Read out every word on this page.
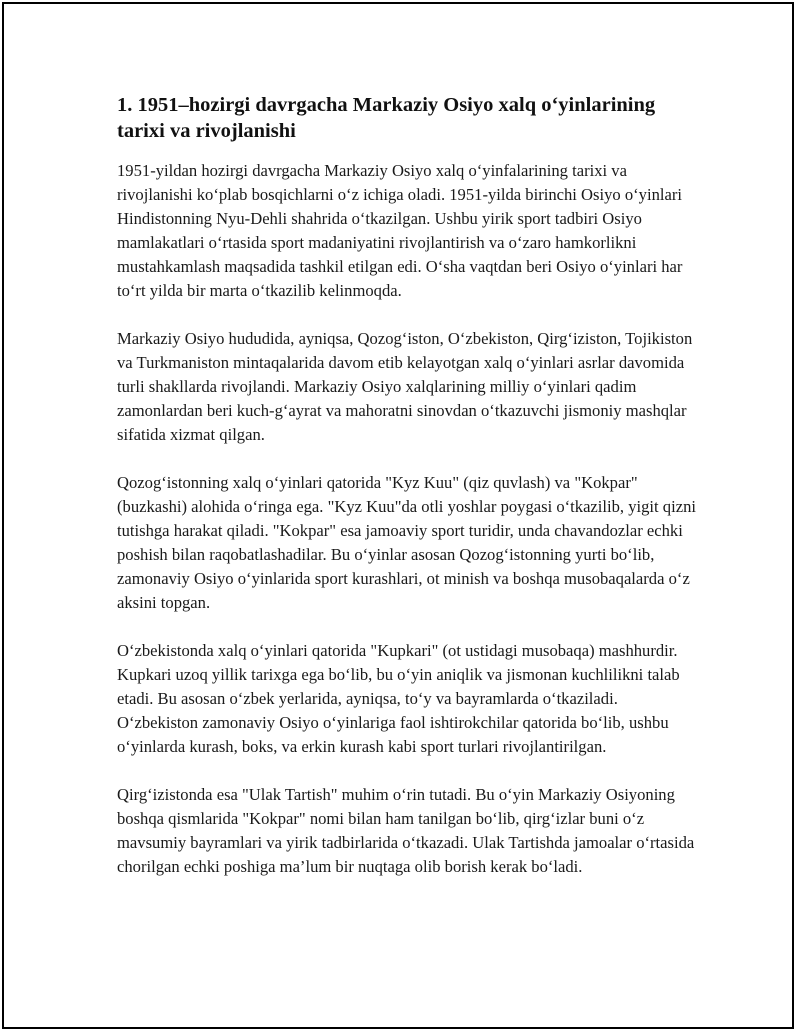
1. 1951–hozirgi davrgacha Markaziy Osiyo xalq o‘yinlarining tarixi va rivojlanishi

1951-yildan hozirgi davrgacha Markaziy Osiyo xalq o‘yinfalarining tarixi va rivojlanishi ko‘plab bosqichlarni o‘z ichiga oladi. 1951-yilda birinchi Osiyo o‘yinlari Hindistonning Nyu-Dehli shahrida o‘tkazilgan. Ushbu yirik sport tadbiri Osiyo mamlakatlari o‘rtasida sport madaniyatini rivojlantirish va o‘zaro hamkorlikni mustahkamlash maqsadida tashkil etilgan edi. O‘sha vaqtdan beri Osiyo o‘yinlari har to‘rt yilda bir marta o‘tkazilib kelinmoqda.

Markaziy Osiyo hududida, ayniqsa, Qozog‘iston, O‘zbekiston, Qirg‘iziston, Tojikiston va Turkmaniston mintaqalarida davom etib kelayotgan xalq o‘yinlari asrlar davomida turli shakllarda rivojlandi. Markaziy Osiyo xalqlarining milliy o‘yinlari qadim zamonlardan beri kuch-g‘ayrat va mahoratni sinovdan o‘tkazuvchi jismoniy mashqlar sifatida xizmat qilgan.

Qozog‘istonning xalq o‘yinlari qatorida "Kyz Kuu" (qiz quvlash) va "Kokpar" (buzkashi) alohida o‘ringa ega. "Kyz Kuu"da otli yoshlar poygasi o‘tkazilib, yigit qizni tutishga harakat qiladi. "Kokpar" esa jamoaviy sport turidir, unda chavandozlar echki poshish bilan raqobatlashadilar. Bu o‘yinlar asosan Qozog‘istonning yurti bo‘lib, zamonaviy Osiyo o‘yinlarida sport kurashlari, ot minish va boshqa musobaqalarda o‘z aksini topgan.

O‘zbekistonda xalq o‘yinlari qatorida "Kupkari" (ot ustidagi musobaqa) mashhurdir. Kupkari uzoq yillik tarixga ega bo‘lib, bu o‘yin aniqlik va jismonan kuchlilikni talab etadi. Bu asosan o‘zbek yerlarida, ayniqsa, to‘y va bayramlarda o‘tkaziladi. O‘zbekiston zamonaviy Osiyo o‘yinlariga faol ishtirokchilar qatorida bo‘lib, ushbu o‘yinlarda kurash, boks, va erkin kurash kabi sport turlari rivojlantirilgan.

Qirg‘izistonda esa "Ulak Tartish" muhim o‘rin tutadi. Bu o‘yin Markaziy Osiyoning boshqa qismlarida "Kokpar" nomi bilan ham tanilgan bo‘lib, qirg‘izlar buni o‘z mavsumiy bayramlari va yirik tadbirlarida o‘tkazadi. Ulak Tartishda jamoalar o‘rtasida chorilgan echki poshiga ma’lum bir nuqtaga olib borish kerak bo‘ladi.
